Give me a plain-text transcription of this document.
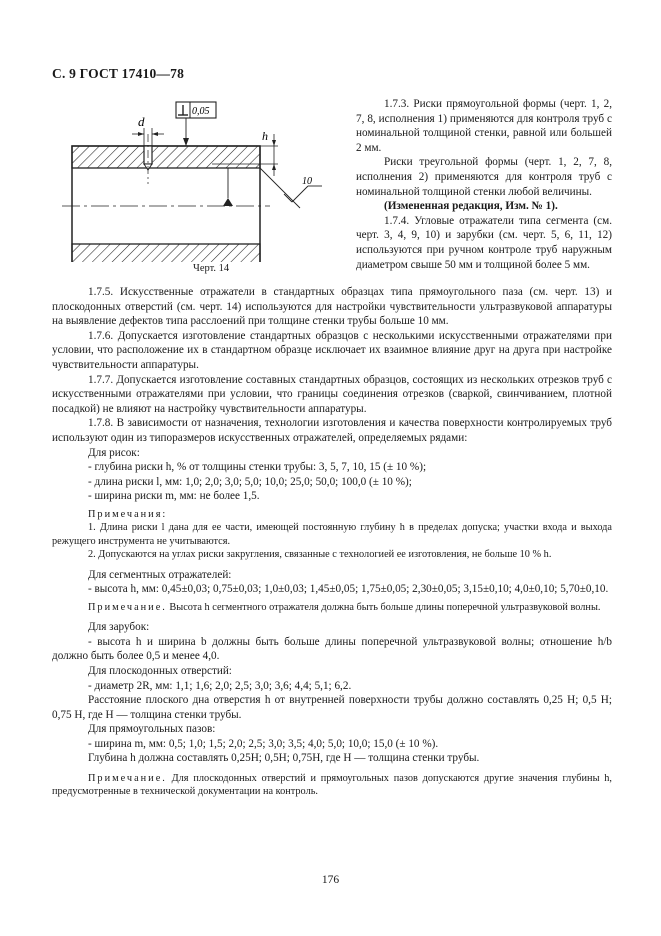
С. 9 ГОСТ 17410—78
0,05
d
h
10
Черт. 14

1.7.3. Риски прямоугольной формы (черт. 1, 2, 7, 8, исполнения 1) применяются для контроля труб с номинальной толщиной стенки, равной или большей 2 мм.

Риски треугольной формы (черт. 1, 2, 7, 8, исполнения 2) применяются для контроля труб с номинальной толщиной стенки любой величины.

(Измененная редакция, Изм. № 1).

1.7.4. Угловые отражатели типа сегмента (см. черт. 3, 4, 9, 10) и зарубки (см. черт. 5, 6, 11, 12) используются при ручном контроле труб наружным диаметром свыше 50 мм и толщиной более 5 мм.

1.7.5. Искусственные отражатели в стандартных образцах типа прямоугольного паза (см. черт. 13) и плоскодонных отверстий (см. черт. 14) используются для настройки чувствительности ультразвуковой аппаратуры на выявление дефектов типа расслоений при толщине стенки трубы больше 10 мм.

1.7.6. Допускается изготовление стандартных образцов с несколькими искусственными отражателями при условии, что расположение их в стандартном образце исключает их взаимное влияние друг на друга при настройке чувствительности аппаратуры.

1.7.7. Допускается изготовление составных стандартных образцов, состоящих из нескольких отрезков труб с искусственными отражателями при условии, что границы соединения отрезков (сваркой, свинчиванием, плотной посадкой) не влияют на настройку чувствительности аппаратуры.

1.7.8. В зависимости от назначения, технологии изготовления и качества поверхности контролируемых труб используют один из типоразмеров искусственных отражателей, определяемых рядами:

Для рисок:

- глубина риски h, % от толщины стенки трубы: 3, 5, 7, 10, 15 (± 10 %);

- длина риски l, мм: 1,0; 2,0; 3,0; 5,0; 10,0; 25,0; 50,0; 100,0 (± 10 %);

- ширина риски m, мм: не более 1,5.

Примечания:

1. Длина риски l дана для ее части, имеющей постоянную глубину h в пределах допуска; участки входа и выхода режущего инструмента не учитываются.

2. Допускаются на углах риски закругления, связанные с технологией ее изготовления, не больше 10 % h.

Для сегментных отражателей:

- высота h, мм: 0,45±0,03; 0,75±0,03; 1,0±0,03; 1,45±0,05; 1,75±0,05; 2,30±0,05; 3,15±0,10; 4,0±0,10; 5,70±0,10.

Примечание. Высота h сегментного отражателя должна быть больше длины поперечной ультразвуковой волны.

Для зарубок:

- высота h и ширина b должны быть больше длины поперечной ультразвуковой волны; отношение h/b должно быть более 0,5 и менее 4,0.

Для плоскодонных отверстий:

- диаметр 2R, мм: 1,1; 1,6; 2,0; 2,5; 3,0; 3,6; 4,4; 5,1; 6,2.

Расстояние плоского дна отверстия h от внутренней поверхности трубы должно составлять 0,25 H; 0,5 H; 0,75 H, где H — толщина стенки трубы.

Для прямоугольных пазов:

- ширина m, мм: 0,5; 1,0; 1,5; 2,0; 2,5; 3,0; 3,5; 4,0; 5,0; 10,0; 15,0 (± 10 %).

Глубина h должна составлять 0,25H; 0,5H; 0,75H, где H — толщина стенки трубы.

Примечание. Для плоскодонных отверстий и прямоугольных пазов допускаются другие значения глубины h, предусмотренные в технической документации на контроль.

176
